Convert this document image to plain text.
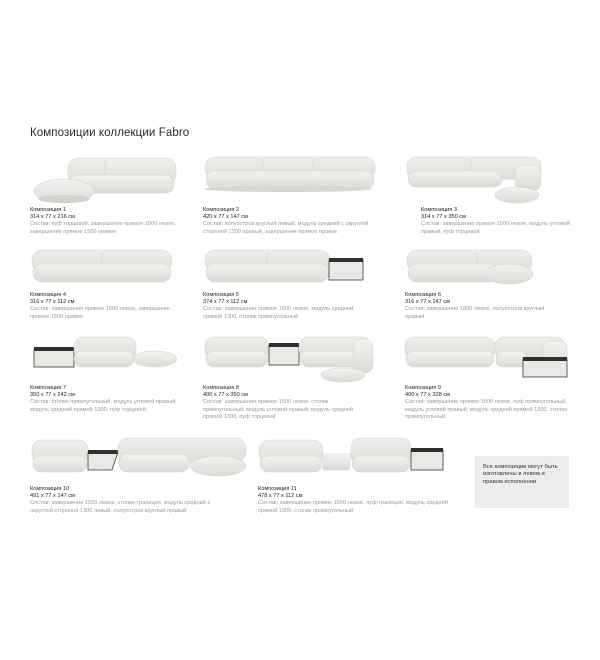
Композиции коллекции Fabro
Композиция 1
314 x 77 x 216 см
Состав: пуф торцевой, завершение прямое 1500 левое, завершение прямое 1500 правое
Композиция 2
420 x 77 x 147 см
Состав: полуостров круглый левый, модуль средний с округлой стороной 1300 правый, завершение прямое правое
Композиция 3
314 x 77 x 350 см
Состав: завершение прямое 1500 левое, модуль угловой правый, пуф торцевой
Композиция 4
316 x 77 x 112 см
Состав: завершение прямое 1500 левое, завершение прямое 1500 правое
Композиция 5
374 x 77 x 112 см
Состав: завершение прямое 1500 левое, модуль средний прямой 1300, столик прямоугольный
Композиция 6
316 x 77 x 147 см
Состав: завершение 1800 левое, полуостров круглый правый
Композиция 7
350 x 77 x 242 см
Состав: столик прямоугольный, модуль угловой правый, модуль средний прямой 1300, пуф торцевой
Композиция 8
400 x 77 x 350 см
Состав: завершение прямое 1500 левое, столик прямоугольный, модуль угловой правый, модуль средний прямой 1300, пуф торцевой
Композиция 9
400 x 77 x 328 см
Состав: завершение прямое 1500 левое, пуф прямоугольный, модуль угловой правый, модуль средний прямой 1300, столик прямоугольный
Композиция 10
491 x 77 x 147 см
Состав: завершение 1500 левое, столик-трапеция, модуль средний с округлой стороной 1300 левый, полуостров круглый правый
Композиция 11
478 x 77 x 112 см
Состав: завершение прямое 1500 левое, пуф-трапеция, модуль средний прямой 1300, столик прямоугольный
Все композиции могут быть изготовлены в левом и правом исполнении
